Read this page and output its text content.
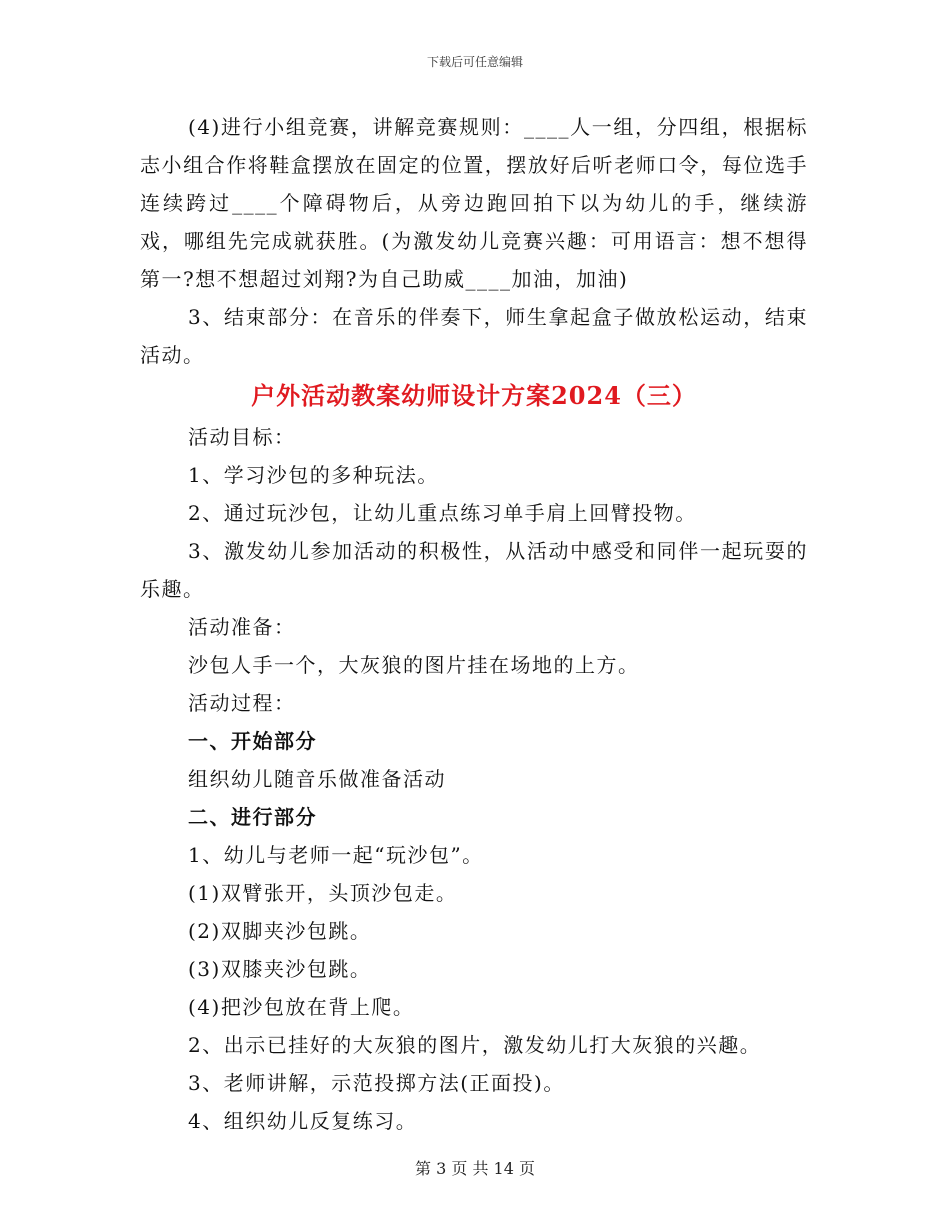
下载后可任意编辑

(4)进行小组竞赛，讲解竞赛规则：____人一组，分四组，根据标志小组合作将鞋盒摆放在固定的位置，摆放好后听老师口令，每位选手连续跨过____个障碍物后，从旁边跑回拍下以为幼儿的手，继续游戏，哪组先完成就获胜。(为激发幼儿竞赛兴趣：可用语言：想不想得第一?想不想超过刘翔?为自己助威____加油，加油)

3、结束部分：在音乐的伴奏下，师生拿起盒子做放松运动，结束活动。

户外活动教案幼师设计方案2024（三）

活动目标：

1、学习沙包的多种玩法。

2、通过玩沙包，让幼儿重点练习单手肩上回臂投物。

3、激发幼儿参加活动的积极性，从活动中感受和同伴一起玩耍的乐趣。

活动准备：

沙包人手一个，大灰狼的图片挂在场地的上方。

活动过程：

一、开始部分

组织幼儿随音乐做准备活动

二、进行部分

1、幼儿与老师一起“玩沙包”。

(1)双臂张开，头顶沙包走。

(2)双脚夹沙包跳。

(3)双膝夹沙包跳。

(4)把沙包放在背上爬。

2、出示已挂好的大灰狼的图片，激发幼儿打大灰狼的兴趣。

3、老师讲解，示范投掷方法(正面投)。

4、组织幼儿反复练习。

第 3 页 共 14 页
